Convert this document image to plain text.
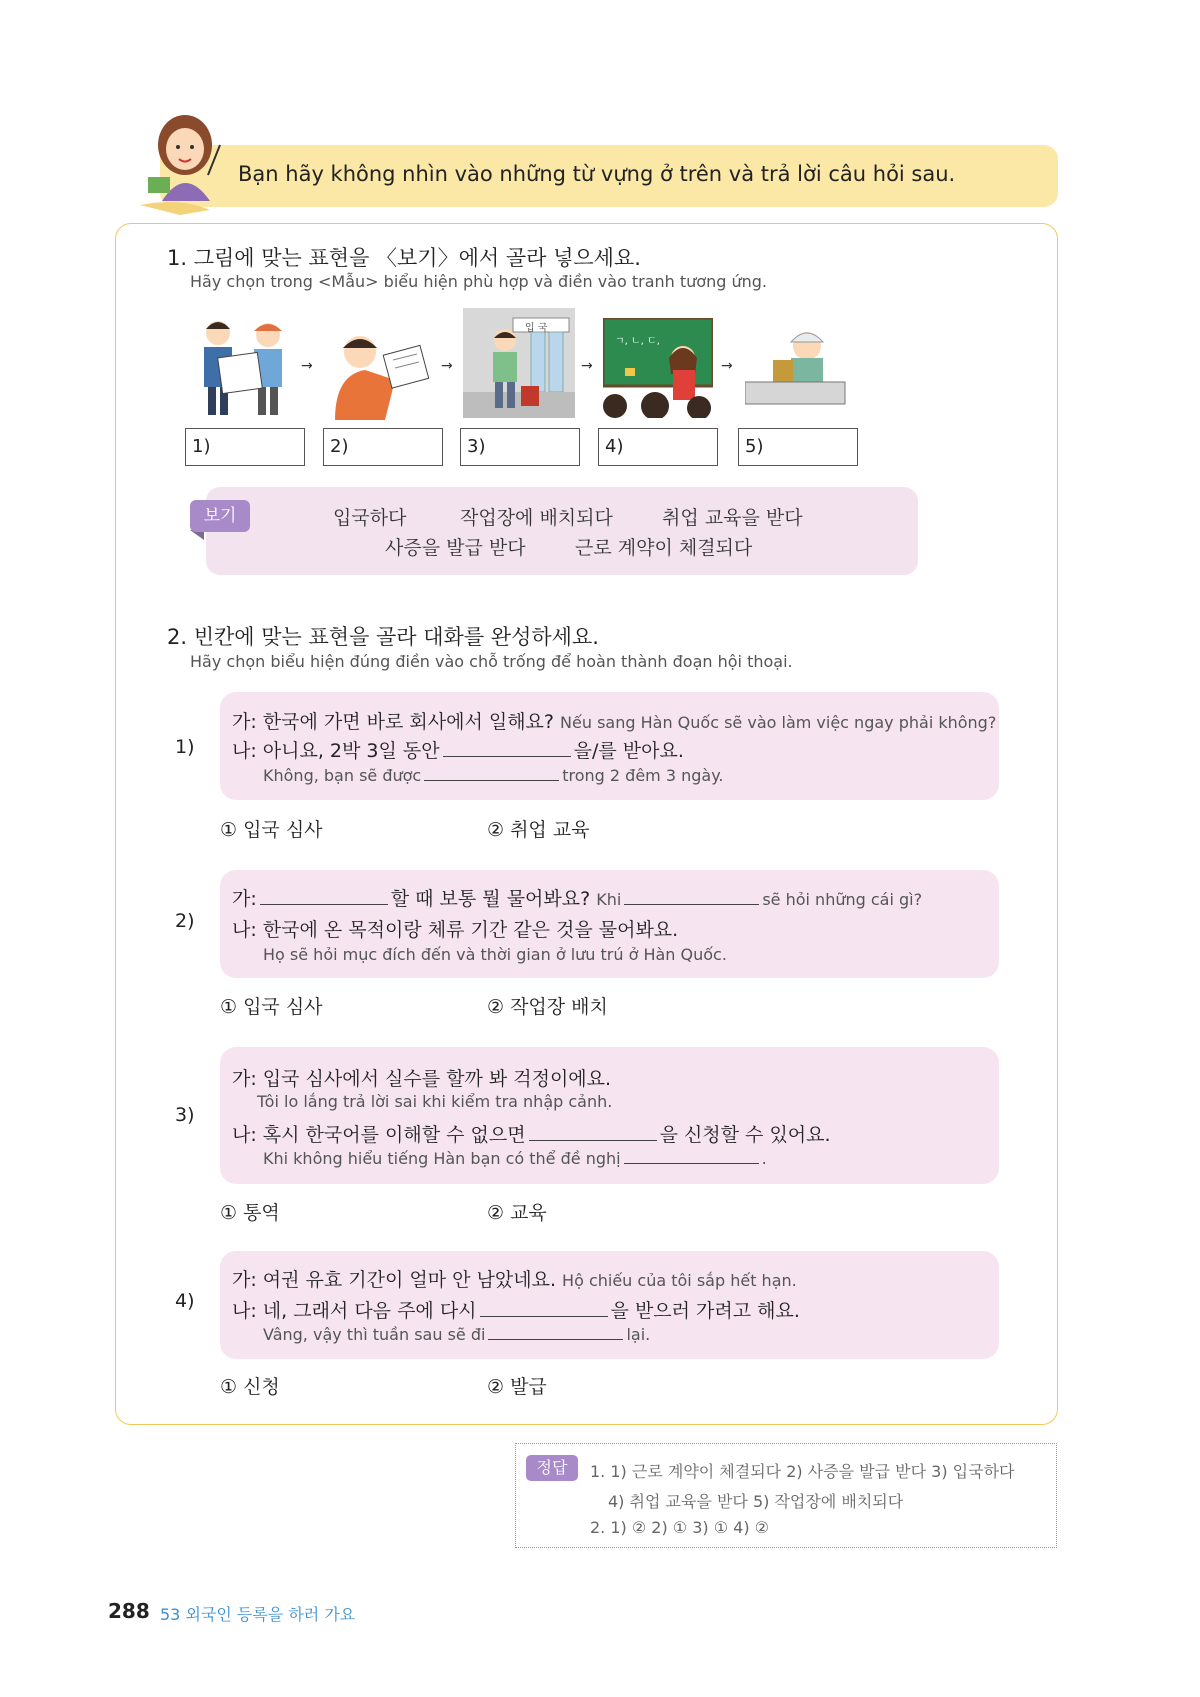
Bạn hãy không nhìn vào những từ vựng ở trên và trả lời câu hỏi sau.
1. 그림에 맞는 표현을 〈보기〉에서 골라 넣으세요.
Hãy chọn trong <Mẫu> biểu hiện phù hợp và điền vào tranh tương ứng.
→	→
입 국
→
ㄱ, ㄴ, ㄷ,
→
1)	2)	3)	4)	5)
보기	입국하다	작업장에 배치되다	취업 교육을 받다
사증을 발급 받다	근로 계약이 체결되다
2. 빈칸에 맞는 표현을 골라 대화를 완성하세요.
Hãy chọn biểu hiện đúng điền vào chỗ trống để hoàn thành đoạn hội thoại.
1)
가: 한국에 가면 바로 회사에서 일해요? Nếu sang Hàn Quốc sẽ vào làm việc ngay phải không?
나: 아니요, 2박 3일 동안	을/를 받아요.
Không, bạn sẽ được	trong 2 đêm 3 ngày.
① 입국 심사	② 취업 교육
2)
가:	할 때 보통 뭘 물어봐요? Khi	sẽ hỏi những cái gì?
나: 한국에 온 목적이랑 체류 기간 같은 것을 물어봐요.
Họ sẽ hỏi mục đích đến và thời gian ở lưu trú ở Hàn Quốc.
① 입국 심사	② 작업장 배치
3)
가: 입국 심사에서 실수를 할까 봐 걱정이에요.
Tôi lo lắng trả lời sai khi kiểm tra nhập cảnh.
나: 혹시 한국어를 이해할 수 없으면	을 신청할 수 있어요.
Khi không hiểu tiếng Hàn bạn có thể đề nghị	.
① 통역	② 교육
4)
가: 여권 유효 기간이 얼마 안 남았네요. Hộ chiếu của tôi sắp hết hạn.
나: 네, 그래서 다음 주에 다시	을 받으러 가려고 해요.
Vâng, vậy thì tuần sau sẽ đi	lại.
① 신청	② 발급
정답	1. 1) 근로 계약이 체결되다 2) 사증을 발급 받다 3) 입국하다
4) 취업 교육을 받다 5) 작업장에 배치되다
2. 1) ② 2) ① 3) ① 4) ②
288 53 외국인 등록을 하러 가요
